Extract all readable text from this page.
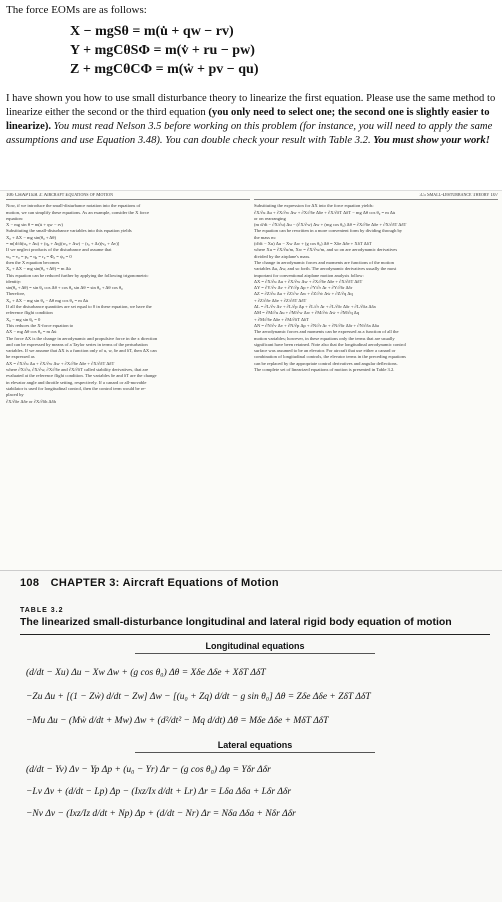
The force EOMs are as follows:

X − mgSθ = m(u̇ + qw − rv)
Y + mgCθSΦ = m(v̇ + ru − pw)
Z + mgCθCΦ = m(ẇ + pv − qu)

I have shown you how to use small disturbance theory to linearize the first equation. Please use the same method to linearize either the second or the third equation (you only need to select one; the second one is slightly easier to linearize). You must read Nelson 3.5 before working on this problem (for instance, you will need to apply the same assumptions and use Equation 3.48). You can double check your result with Table 3.2. You must show your work!

106 CHAPTER 3: Aircraft Equations of Motion
Now, if we introduce the small-disturbance notation into the equations of
motion, we can simplify these equations. As an example, consider the X force
equation:
X − mg sin θ = m(u̇ + qw − rv)
Substituting the small-disturbance variables into this equation yields
X₀ + ΔX − mg sin(θ₀ + Δθ)
= m[d/dt(u₀ + Δu) + (q₀ + Δq)(w₀ + Δw) − (r₀ + Δr)(v₀ + Δv)]
If we neglect products of the disturbance and assume that
w₀ = v₀ = p₀ = q₀ = r₀ = Φ₀ = ψ₀ = 0
then the X equation becomes
X₀ + ΔX − mg sin(θ₀ + Δθ) = m Δu̇
This equation can be reduced further by applying the following trigonometric
identity:
sin(θ₀ + Δθ) = sin θ₀ cos Δθ + cos θ₀ sin Δθ = sin θ₀ + Δθ cos θ₀
Therefore,
X₀ + ΔX − mg sin θ₀ − Δθ mg cos θ₀ = m Δu̇
If all the disturbance quantities are set equal to 0 in these equation, we have the
reference flight condition
X₀ − mg sin θ₀ = 0
This reduces the X-force equation to
ΔX − mg Δθ cos θ₀ = m Δu̇
The force ΔX is the change in aerodynamic and propulsive force in the x direction
and can be expressed by means of a Taylor series in terms of the perturbation
variables. If we assume that ΔX is a function only of u, w, δe and δT, then ΔX can
be expressed as
ΔX = ∂X/∂u Δu + ∂X/∂w Δw + ∂X/∂δe Δδe + ∂X/∂δT ΔδT
where ∂X/∂u, ∂X/∂w, ∂X/∂δe and ∂X/∂δT called stability derivatives, that are
evaluated at the reference flight condition. The variables δe and δT are the change
in elevator angle and throttle setting, respectively. If a canard or all-movable
stabilator is used for longitudinal control, then the control term would be re-
placed by
∂X/∂δe Δδe or ∂X/∂δh Δδh
3.5 Small-Disturbance Theory 107
Substituting the expression for ΔX into the force equation yields:
∂X/∂u Δu + ∂X/∂w Δw + ∂X/∂δe Δδe + ∂X/∂δT ΔδT − mg Δθ cos θ₀ = m Δu̇
or on rearranging
(m d/dt − ∂X/∂u) Δu − (∂X/∂w) Δw + (mg cos θ₀) Δθ = ∂X/∂δe Δδe + ∂X/∂δT ΔδT
The equation can be rewritten in a more convenient form by dividing through by
the mass m:
(d/dt − Xu) Δu − Xw Δw + (g cos θ₀) Δθ = Xδe Δδe + XδT ΔδT
where Xu = ∂X/∂u/m, Xw = ∂X/∂w/m, and so on are aerodynamic derivatives
divided by the airplane's mass.
The change in aerodynamic forces and moments are functions of the motion
variables Δu, Δw, and so forth. The aerodynamic derivatives usually the most
important for conventional airplane motion analysis follow:
ΔX = ∂X/∂u Δu + ∂X/∂w Δw + ∂X/∂δe Δδe + ∂X/∂δT ΔδT
ΔY = ∂Y/∂v Δv + ∂Y/∂p Δp + ∂Y/∂r Δr + ∂Y/∂δr Δδr
ΔZ = ∂Z/∂u Δu + ∂Z/∂w Δw + ∂Z/∂ẇ Δẇ + ∂Z/∂q Δq
+ ∂Z/∂δe Δδe + ∂Z/∂δT ΔδT
ΔL = ∂L/∂v Δv + ∂L/∂p Δp + ∂L/∂r Δr + ∂L/∂δr Δδr + ∂L/∂δa Δδa
ΔM = ∂M/∂u Δu + ∂M/∂w Δw + ∂M/∂ẇ Δẇ + ∂M/∂q Δq
+ ∂M/∂δe Δδe + ∂M/∂δT ΔδT
ΔN = ∂N/∂v Δv + ∂N/∂p Δp + ∂N/∂r Δr + ∂N/∂δr Δδr + ∂N/∂δa Δδa
The aerodynamic forces and moments can be expressed as a function of all the
motion variables; however, in these equations only the terms that are usually
significant have been retained. Note also that the longitudinal aerodynamic control
surface was assumed to be an elevator. For aircraft that use either a canard or
combination of longitudinal controls, the elevator terms in the preceding equations
can be replaced by the appropriate control derivatives and angular deflections.
The complete set of linearized equations of motion is presented in Table 3.2.
108 CHAPTER 3: Aircraft Equations of Motion
TABLE 3.2
The linearized small-disturbance longitudinal and lateral rigid body equation of motion
Longitudinal equations
(d/dt − Xu) Δu − Xw Δw + (g cos θ₀) Δθ = Xδe Δδe + XδT ΔδT
−Zu Δu + [(1 − Zẇ) d/dt − Zw] Δw − [(u₀ + Zq) d/dt − g sin θ₀] Δθ = Zδe Δδe + ZδT ΔδT
−Mu Δu − (Mẇ d/dt + Mw) Δw + (d²/dt² − Mq d/dt) Δθ = Mδe Δδe + MδT ΔδT
Lateral equations
(d/dt − Yv) Δv − Yp Δp + (u₀ − Yr) Δr − (g cos θ₀) Δφ = Yδr Δδr
−Lv Δv + (d/dt − Lp) Δp − (Ixz/Ix d/dt + Lr) Δr = Lδa Δδa + Lδr Δδr
−Nv Δv − (Ixz/Iz d/dt + Np) Δp + (d/dt − Nr) Δr = Nδa Δδa + Nδr Δδr
